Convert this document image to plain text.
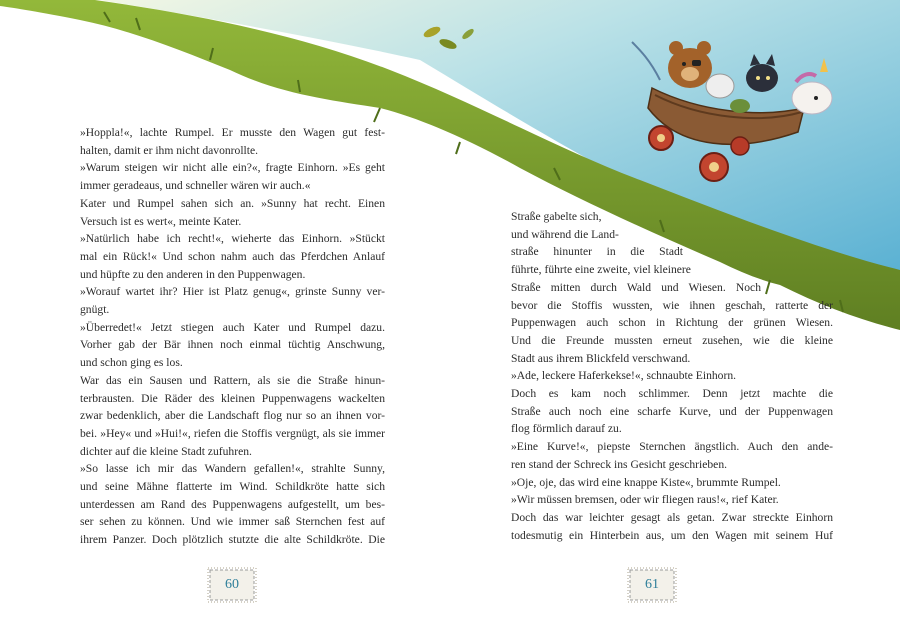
»Hoppla!«, lachte Rumpel. Er musste den Wagen gut fest-

halten, damit er ihm nicht davonrollte.

»Warum steigen wir nicht alle ein?«, fragte Einhorn. »Es geht

immer geradeaus, und schneller wären wir auch.«

Kater und Rumpel sahen sich an. »Sunny hat recht. Einen

Versuch ist es wert«, meinte Kater.

»Natürlich habe ich recht!«, wieherte das Einhorn. »Stückt

mal ein Rück!« Und schon nahm auch das Pferdchen Anlauf

und hüpfte zu den anderen in den Puppenwagen.

»Worauf wartet ihr? Hier ist Platz genug«, grinste Sunny ver-

gnügt.

»Überredet!« Jetzt stiegen auch Kater und Rumpel dazu.

Vorher gab der Bär ihnen noch einmal tüchtig Anschwung,

und schon ging es los.

War das ein Sausen und Rattern, als sie die Straße hinun-

terbrausten. Die Räder des kleinen Puppenwagens wackelten

zwar bedenklich, aber die Landschaft flog nur so an ihnen vor-

bei. »Hey« und »Hui!«, riefen die Stoffis vergnügt, als sie immer

dichter auf die kleine Stadt zufuhren.

»So lasse ich mir das Wandern gefallen!«, strahlte Sunny,

und seine Mähne flatterte im Wind. Schildkröte hatte sich

unterdessen am Rand des Puppenwagens aufgestellt, um bes-

ser sehen zu können. Und wie immer saß Sternchen fest auf

ihrem Panzer. Doch plötzlich stutzte die alte Schildkröte. Die

Straße gabelte sich,

und während die Land-

straße hinunter in die Stadt

führte, führte eine zweite, viel kleinere

Straße mitten durch Wald und Wiesen. Noch

bevor die Stoffis wussten, wie ihnen geschah, ratterte der

Puppenwagen auch schon in Richtung der grünen Wiesen.

Und die Freunde mussten erneut zusehen, wie die kleine

Stadt aus ihrem Blickfeld verschwand.

»Ade, leckere Haferkekse!«, schnaubte Einhorn.

Doch es kam noch schlimmer. Denn jetzt machte die

Straße auch noch eine scharfe Kurve, und der Puppenwagen

flog förmlich darauf zu.

»Eine Kurve!«, piepste Sternchen ängstlich. Auch den ande-

ren stand der Schreck ins Gesicht geschrieben.

»Oje, oje, das wird eine knappe Kiste«, brummte Rumpel.

»Wir müssen bremsen, oder wir fliegen raus!«, rief Kater.

Doch das war leichter gesagt als getan. Zwar streckte Einhorn

todesmutig ein Hinterbein aus, um den Wagen mit seinem Huf

60	61
